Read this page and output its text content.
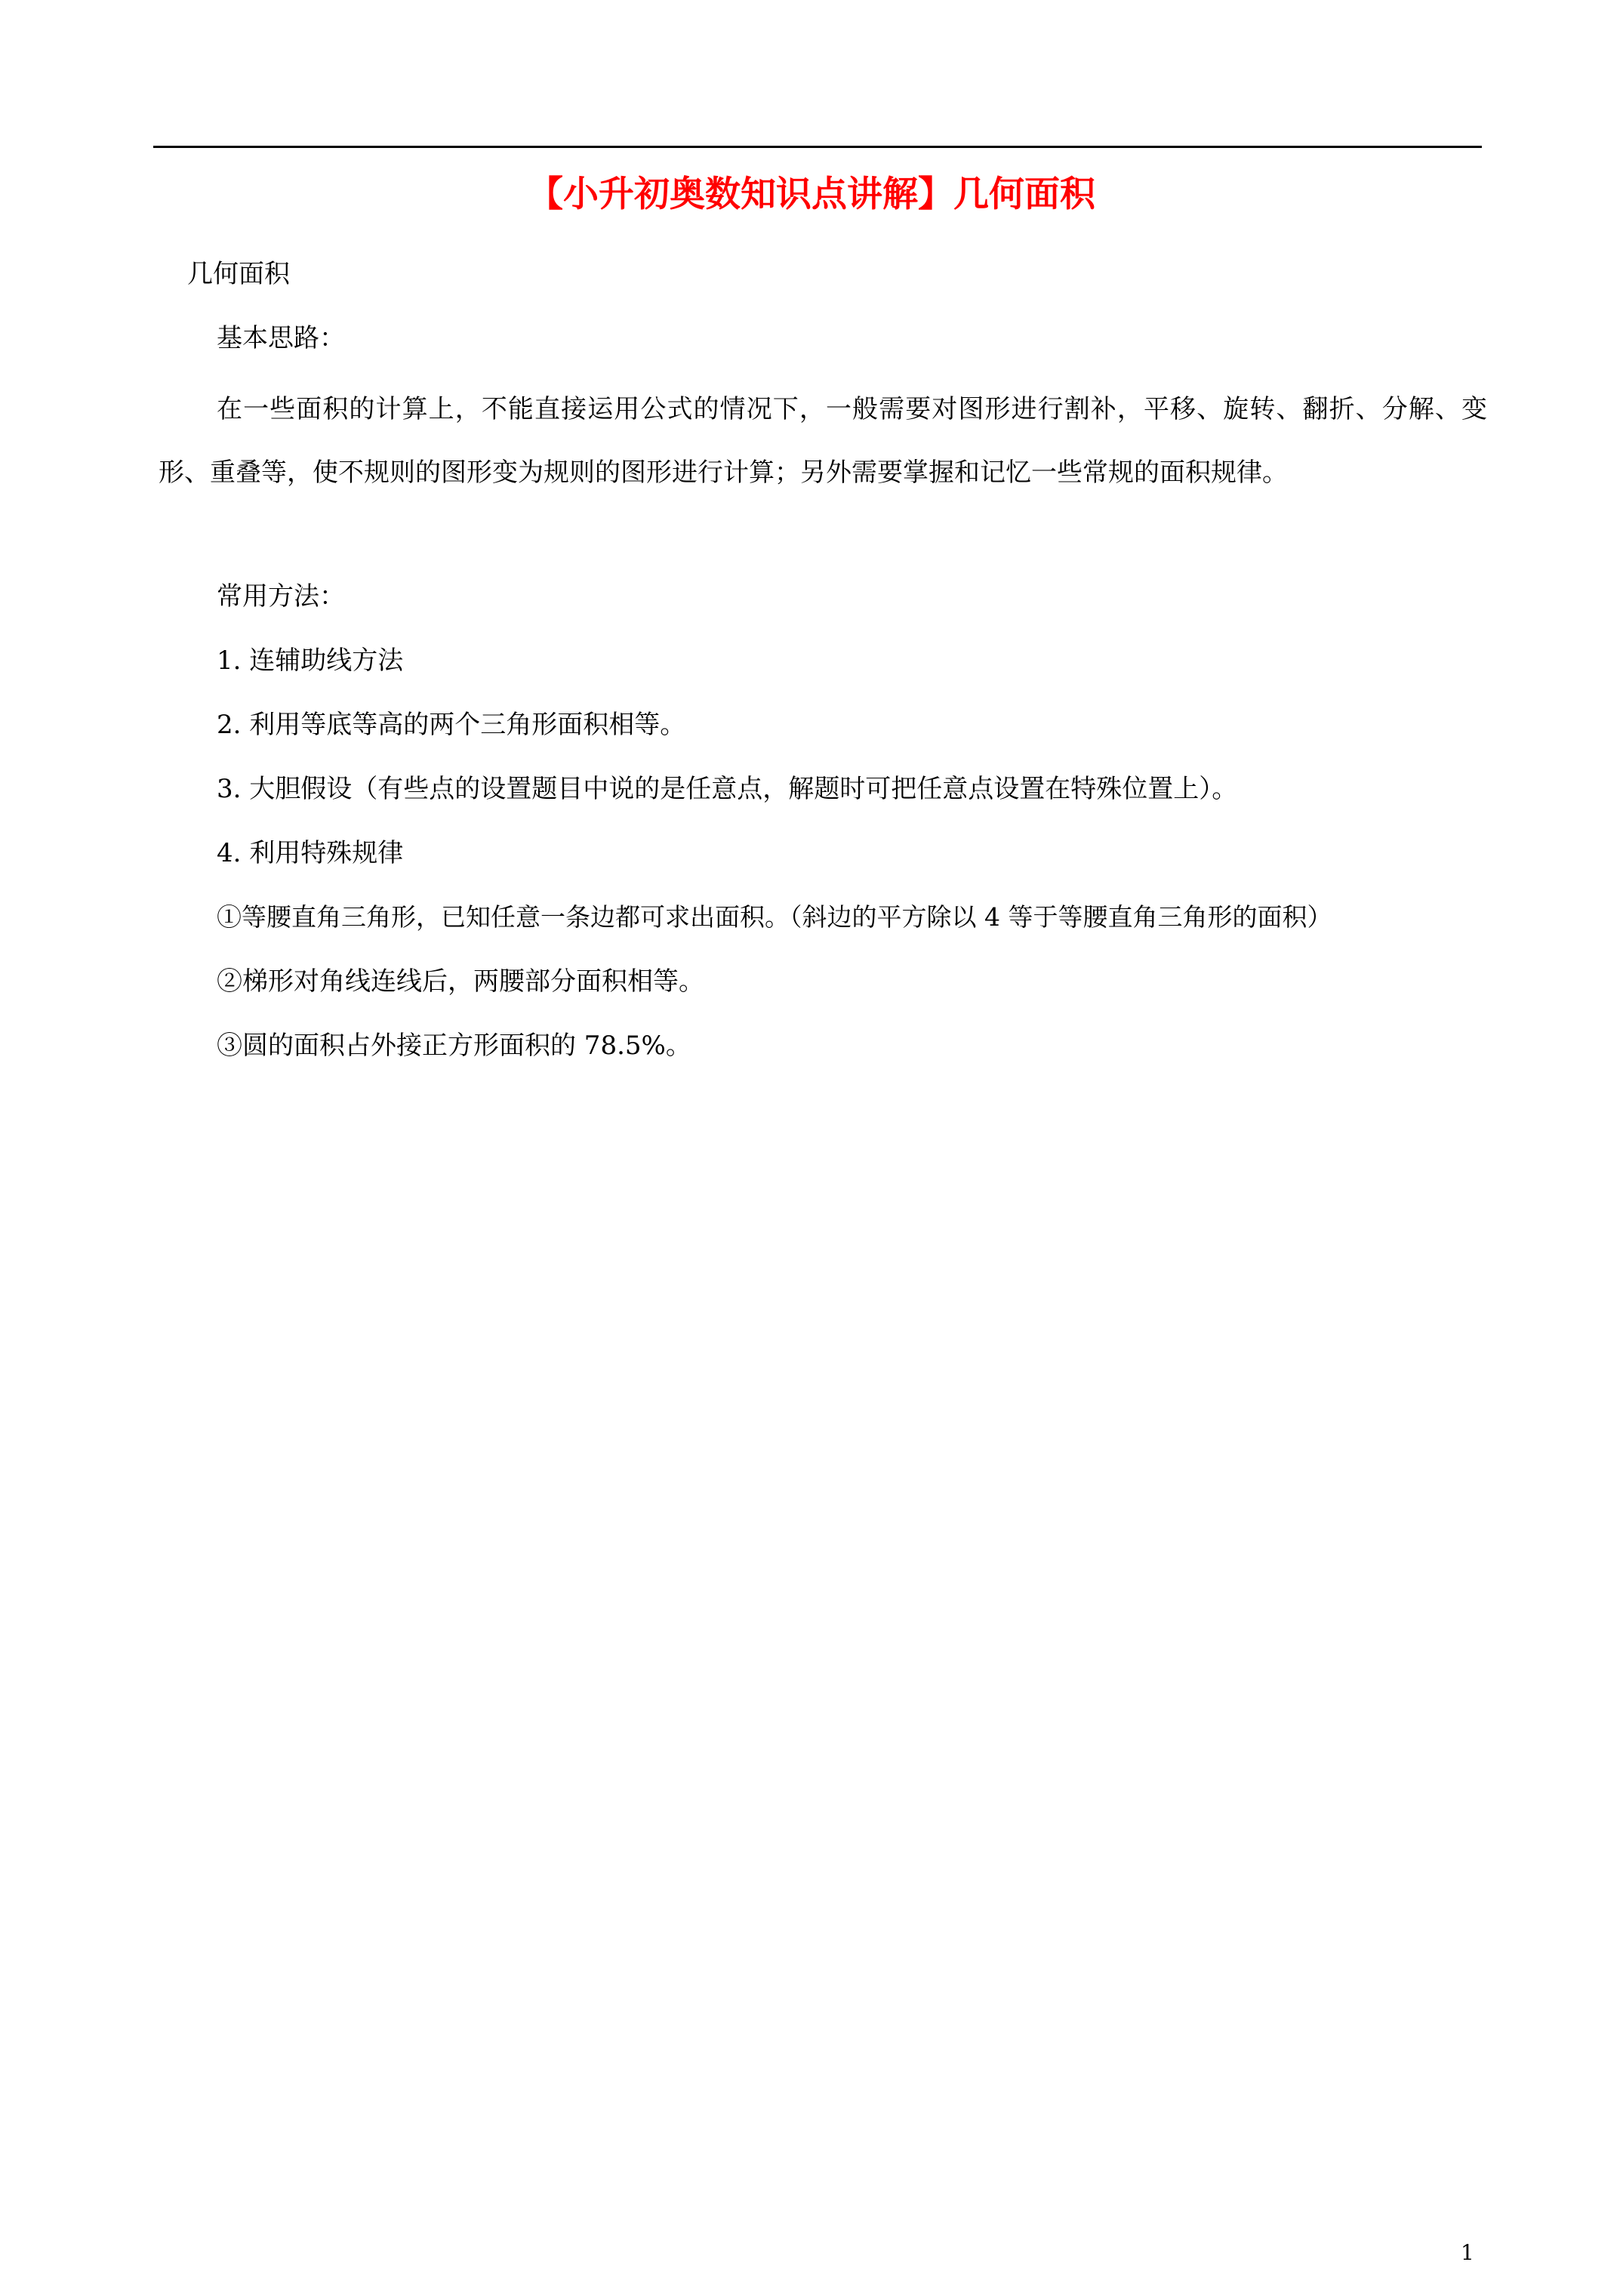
【小升初奥数知识点讲解】几何面积
几何面积
基本思路：
在一些面积的计算上，不能直接运用公式的情况下，一般需要对图形进行割补，平移、旋转、翻折、分解、变形、重叠等，使不规则的图形变为规则的图形进行计算；另外需要掌握和记忆一些常规的面积规律。
常用方法：
1. 连辅助线方法
2. 利用等底等高的两个三角形面积相等。
3. 大胆假设（有些点的设置题目中说的是任意点，解题时可把任意点设置在特殊位置上）。
4. 利用特殊规律
①等腰直角三角形，已知任意一条边都可求出面积。（斜边的平方除以 4 等于等腰直角三角形的面积）
②梯形对角线连线后，两腰部分面积相等。
③圆的面积占外接正方形面积的 78.5%。
1
